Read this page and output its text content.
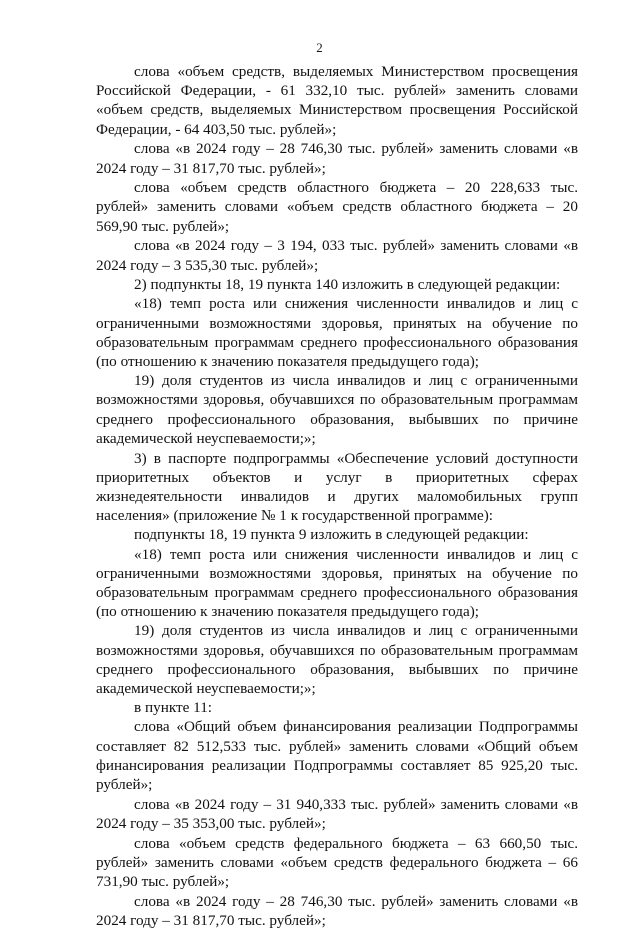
2

слова «объем средств, выделяемых Министерством просвещения Российской Федерации, - 61 332,10 тыс. рублей» заменить словами «объем средств, выделяемых Министерством просвещения Российской Федерации, - 64 403,50 тыс. рублей»;

слова «в 2024 году – 28 746,30 тыс. рублей» заменить словами «в 2024 году – 31 817,70 тыс. рублей»;

слова «объем средств областного бюджета – 20 228,633 тыс. рублей» заменить словами «объем средств областного бюджета – 20 569,90 тыс. рублей»;

слова «в 2024 году – 3 194, 033 тыс. рублей» заменить словами «в 2024 году – 3 535,30 тыс. рублей»;

2) подпункты 18, 19 пункта 140 изложить в следующей редакции:

«18) темп роста или снижения численности инвалидов и лиц с ограниченными возможностями здоровья, принятых на обучение по образовательным программам среднего профессионального образования (по отношению к значению показателя предыдущего года);

19) доля студентов из числа инвалидов и лиц с ограниченными возможностями здоровья, обучавшихся по образовательным программам среднего профессионального образования, выбывших по причине академической неуспеваемости;»;

3) в паспорте подпрограммы «Обеспечение условий доступности приоритетных объектов и услуг в приоритетных сферах жизнедеятельности инвалидов и других маломобильных групп населения» (приложение № 1 к государственной программе):

подпункты 18, 19 пункта 9 изложить в следующей редакции:

«18) темп роста или снижения численности инвалидов и лиц с ограниченными возможностями здоровья, принятых на обучение по образовательным программам среднего профессионального образования (по отношению к значению показателя предыдущего года);

19) доля студентов из числа инвалидов и лиц с ограниченными возможностями здоровья, обучавшихся по образовательным программам среднего профессионального образования, выбывших по причине академической неуспеваемости;»;

в пункте 11:

слова «Общий объем финансирования реализации Подпрограммы составляет 82 512,533 тыс. рублей» заменить словами «Общий объем финансирования реализации Подпрограммы составляет 85 925,20 тыс. рублей»;

слова «в 2024 году – 31 940,333 тыс. рублей» заменить словами «в 2024 году – 35 353,00 тыс. рублей»;

слова «объем средств федерального бюджета – 63 660,50 тыс. рублей» заменить словами «объем средств федерального бюджета – 66 731,90 тыс. рублей»;

слова «в 2024 году – 28 746,30 тыс. рублей» заменить словами «в 2024 году – 31 817,70 тыс. рублей»;
